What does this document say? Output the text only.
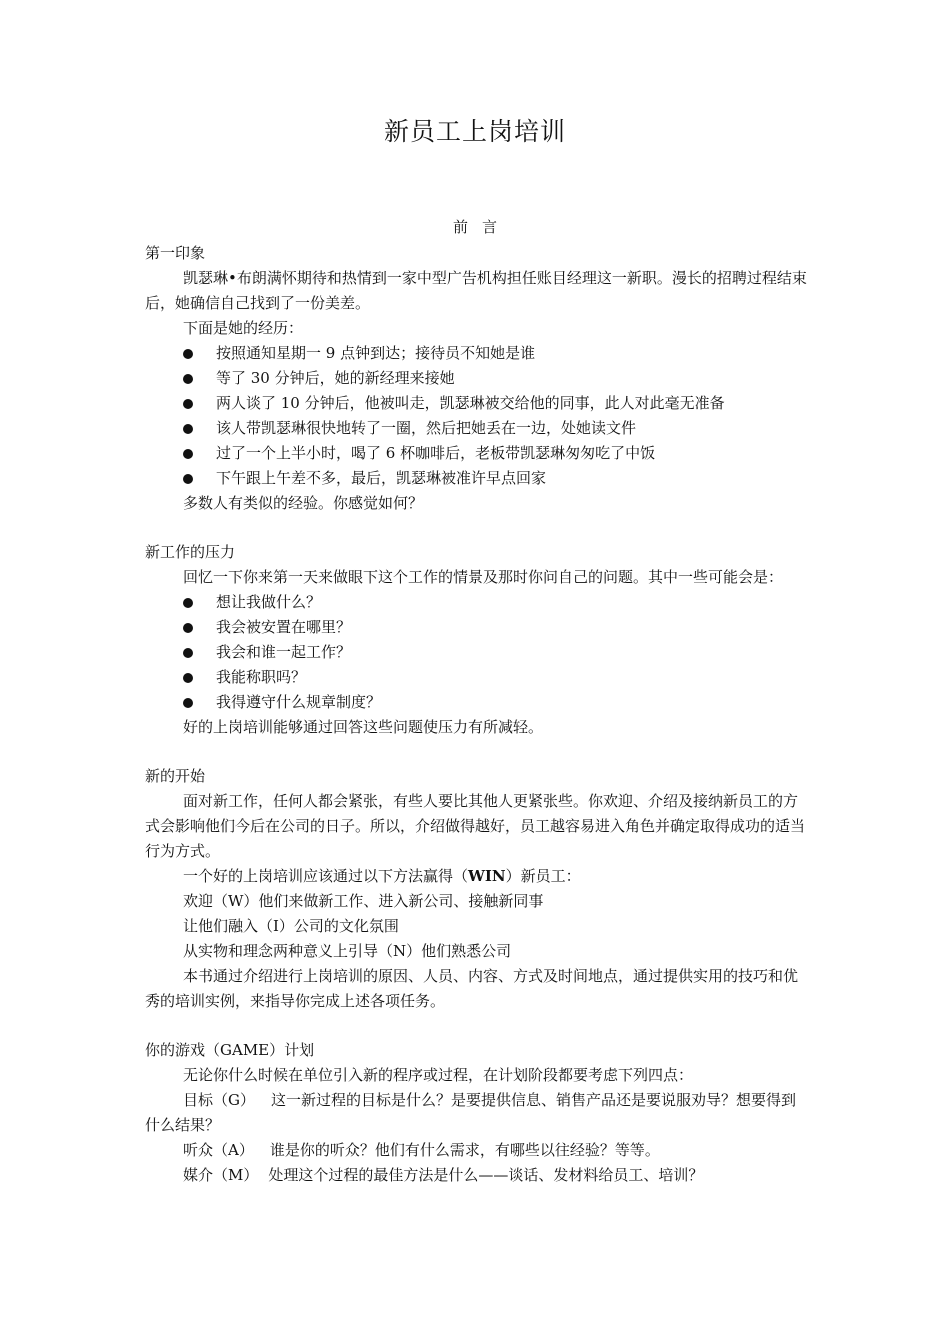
新员工上岗培训
前言
第一印象
凯瑟琳•布朗满怀期待和热情到一家中型广告机构担任账目经理这一新职。漫长的招聘过程结束后，她确信自己找到了一份美差。
下面是她的经历：
按照通知星期一 9 点钟到达；接待员不知她是谁
等了 30 分钟后，她的新经理来接她
两人谈了 10 分钟后，他被叫走，凯瑟琳被交给他的同事，此人对此毫无准备
该人带凯瑟琳很快地转了一圈，然后把她丢在一边，处她读文件
过了一个上半小时，喝了 6 杯咖啡后，老板带凯瑟琳匆匆吃了中饭
下午跟上午差不多，最后，凯瑟琳被准许早点回家
多数人有类似的经验。你感觉如何？
新工作的压力
回忆一下你来第一天来做眼下这个工作的情景及那时你问自己的问题。其中一些可能会是：
想让我做什么？
我会被安置在哪里？
我会和谁一起工作？
我能称职吗？
我得遵守什么规章制度？
好的上岗培训能够通过回答这些问题使压力有所减轻。
新的开始
面对新工作，任何人都会紧张，有些人要比其他人更紧张些。你欢迎、介绍及接纳新员工的方式会影响他们今后在公司的日子。所以，介绍做得越好，员工越容易进入角色并确定取得成功的适当行为方式。
一个好的上岗培训应该通过以下方法赢得（WIN）新员工：
欢迎（W）他们来做新工作、进入新公司、接触新同事
让他们融入（I）公司的文化氛围
从实物和理念两种意义上引导（N）他们熟悉公司
本书通过介绍进行上岗培训的原因、人员、内容、方式及时间地点，通过提供实用的技巧和优秀的培训实例，来指导你完成上述各项任务。
你的游戏（GAME）计划
无论你什么时候在单位引入新的程序或过程，在计划阶段都要考虑下列四点：
目标（G） 这一新过程的目标是什么？是要提供信息、销售产品还是要说服劝导？想要得到什么结果？
听众（A） 谁是你的听众？他们有什么需求，有哪些以往经验？等等。
媒介（M） 处理这个过程的最佳方法是什么——谈话、发材料给员工、培训？
